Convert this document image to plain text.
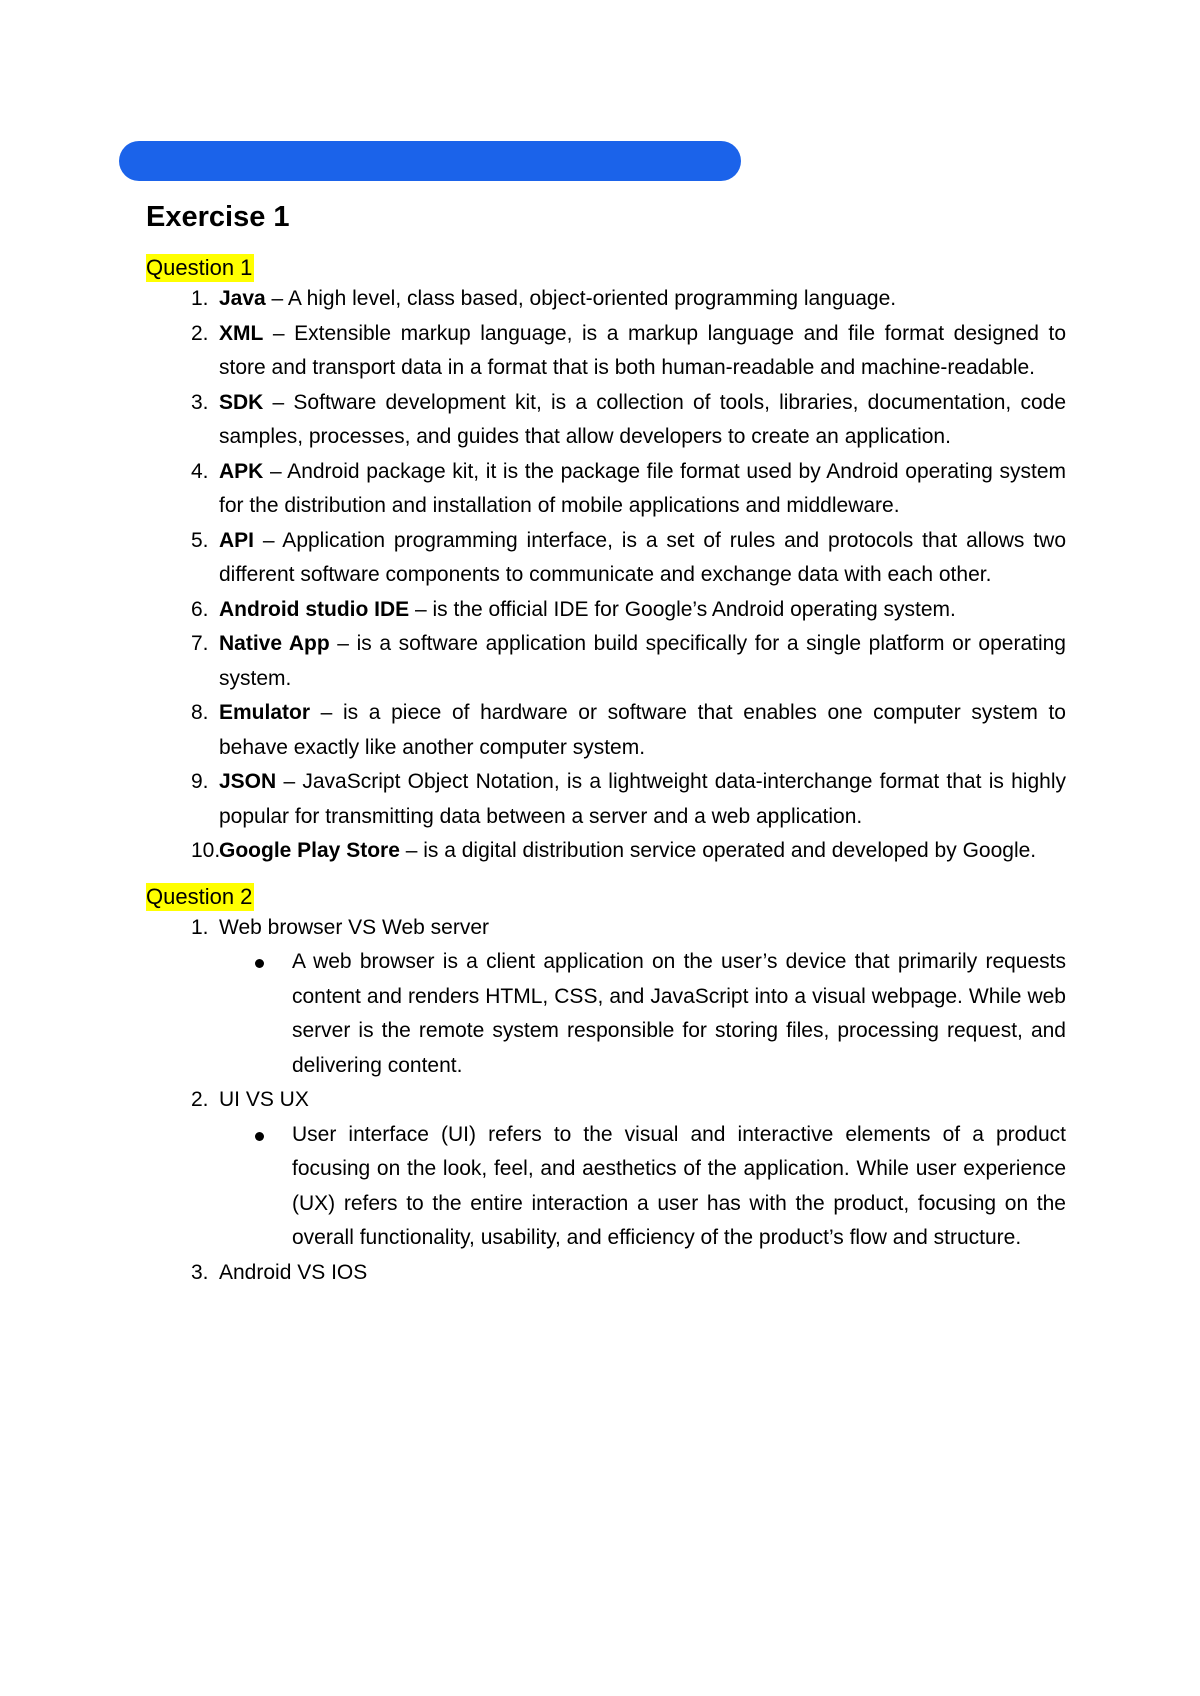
Exercise 1
Question 1
1. Java – A high level, class based, object-oriented programming language.
2. XML – Extensible markup language, is a markup language and file format designed to store and transport data in a format that is both human-readable and machine-readable.
3. SDK – Software development kit, is a collection of tools, libraries, documentation, code samples, processes, and guides that allow developers to create an application.
4. APK – Android package kit, it is the package file format used by Android operating system for the distribution and installation of mobile applications and middleware.
5. API – Application programming interface, is a set of rules and protocols that allows two different software components to communicate and exchange data with each other.
6. Android studio IDE – is the official IDE for Google’s Android operating system.
7. Native App – is a software application build specifically for a single platform or operating system.
8. Emulator – is a piece of hardware or software that enables one computer system to behave exactly like another computer system.
9. JSON – JavaScript Object Notation, is a lightweight data-interchange format that is highly popular for transmitting data between a server and a web application.
10.
Google Play Store – is a digital distribution service operated and developed by Google.
Question 2
1. Web browser VS Web server
A web browser is a client application on the user’s device that primarily requests content and renders HTML, CSS, and JavaScript into a visual webpage. While web server is the remote system responsible for storing files, processing request, and delivering content.
2. UI VS UX
User interface (UI) refers to the visual and interactive elements of a product focusing on the look, feel, and aesthetics of the application. While user experience (UX) refers to the entire interaction a user has with the product, focusing on the overall functionality, usability, and efficiency of the product’s flow and structure.
3. Android VS IOS
